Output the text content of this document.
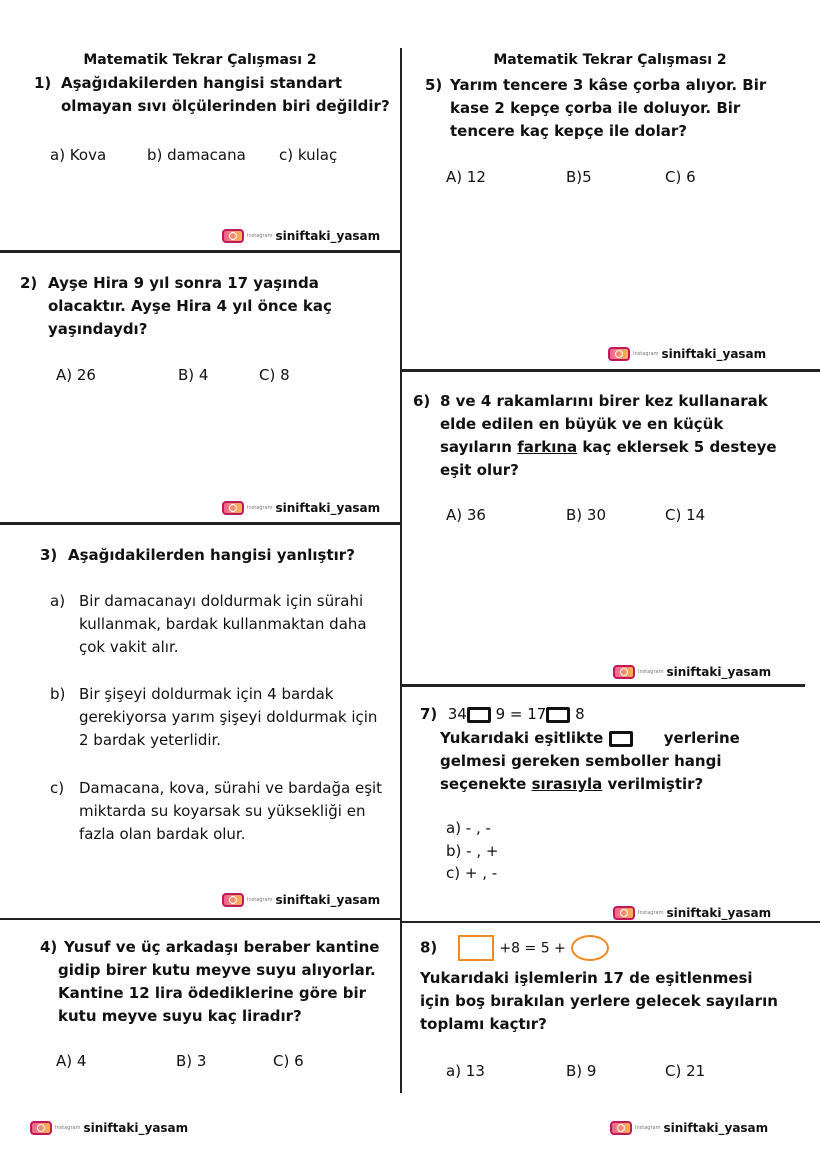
Matematik Tekrar Çalışması 2
1) Aşağıdakilerden hangisi standart
olmayan sıvı ölçülerinden biri değildir?
a) Kova	b) damacana c) kulaç
Instagram siniftaki_yasam
2) Ayşe Hira 9 yıl sonra 17 yaşında
olacaktır. Ayşe Hira 4 yıl önce kaç
yaşındaydı?
A) 26	B) 4	C) 8
Instagram siniftaki_yasam
3) Aşağıdakilerden hangisi yanlıştır?
a) Bir damacanayı doldurmak için sürahi
kullanmak, bardak kullanmaktan daha
çok vakit alır.
b) Bir şişeyi doldurmak için 4 bardak
gerekiyorsa yarım şişeyi doldurmak için
2 bardak yeterlidir.
c) Damacana, kova, sürahi ve bardağa eşit
miktarda su koyarsak su yüksekliği en
fazla olan bardak olur.
Instagram siniftaki_yasam
4) Yusuf ve üç arkadaşı beraber kantine
gidip birer kutu meyve suyu alıyorlar.
Kantine 12 lira ödediklerine göre bir
kutu meyve suyu kaç liradır?
A) 4	B) 3	C) 6
Instagram siniftaki_yasam
Matematik Tekrar Çalışması 2
5) Yarım tencere 3 kâse çorba alıyor. Bir
kase 2 kepçe çorba ile doluyor. Bir
tencere kaç kepçe ile dolar?
A) 12	B)5	C) 6
Instagram siniftaki_yasam
6) 8 ve 4 rakamlarını birer kez kullanarak
elde edilen en büyük ve en küçük
sayıların farkına kaç eklersek 5 desteye
eşit olur?
A) 36	B) 30	C) 14
Instagram siniftaki_yasam
7) 34 9 = 17 8
Yukarıdaki eşitlikte	yerlerine
gelmesi gereken semboller hangi
seçenekte sırasıyla verilmiştir?
a) - , -
b) - , +
c) + , -
Instagram siniftaki_yasam
8)	+8 = 5 +
Yukarıdaki işlemlerin 17 de eşitlenmesi
için boş bırakılan yerlere gelecek sayıların
toplamı kaçtır?
a) 13	B) 9	C) 21
Instagram siniftaki_yasam
